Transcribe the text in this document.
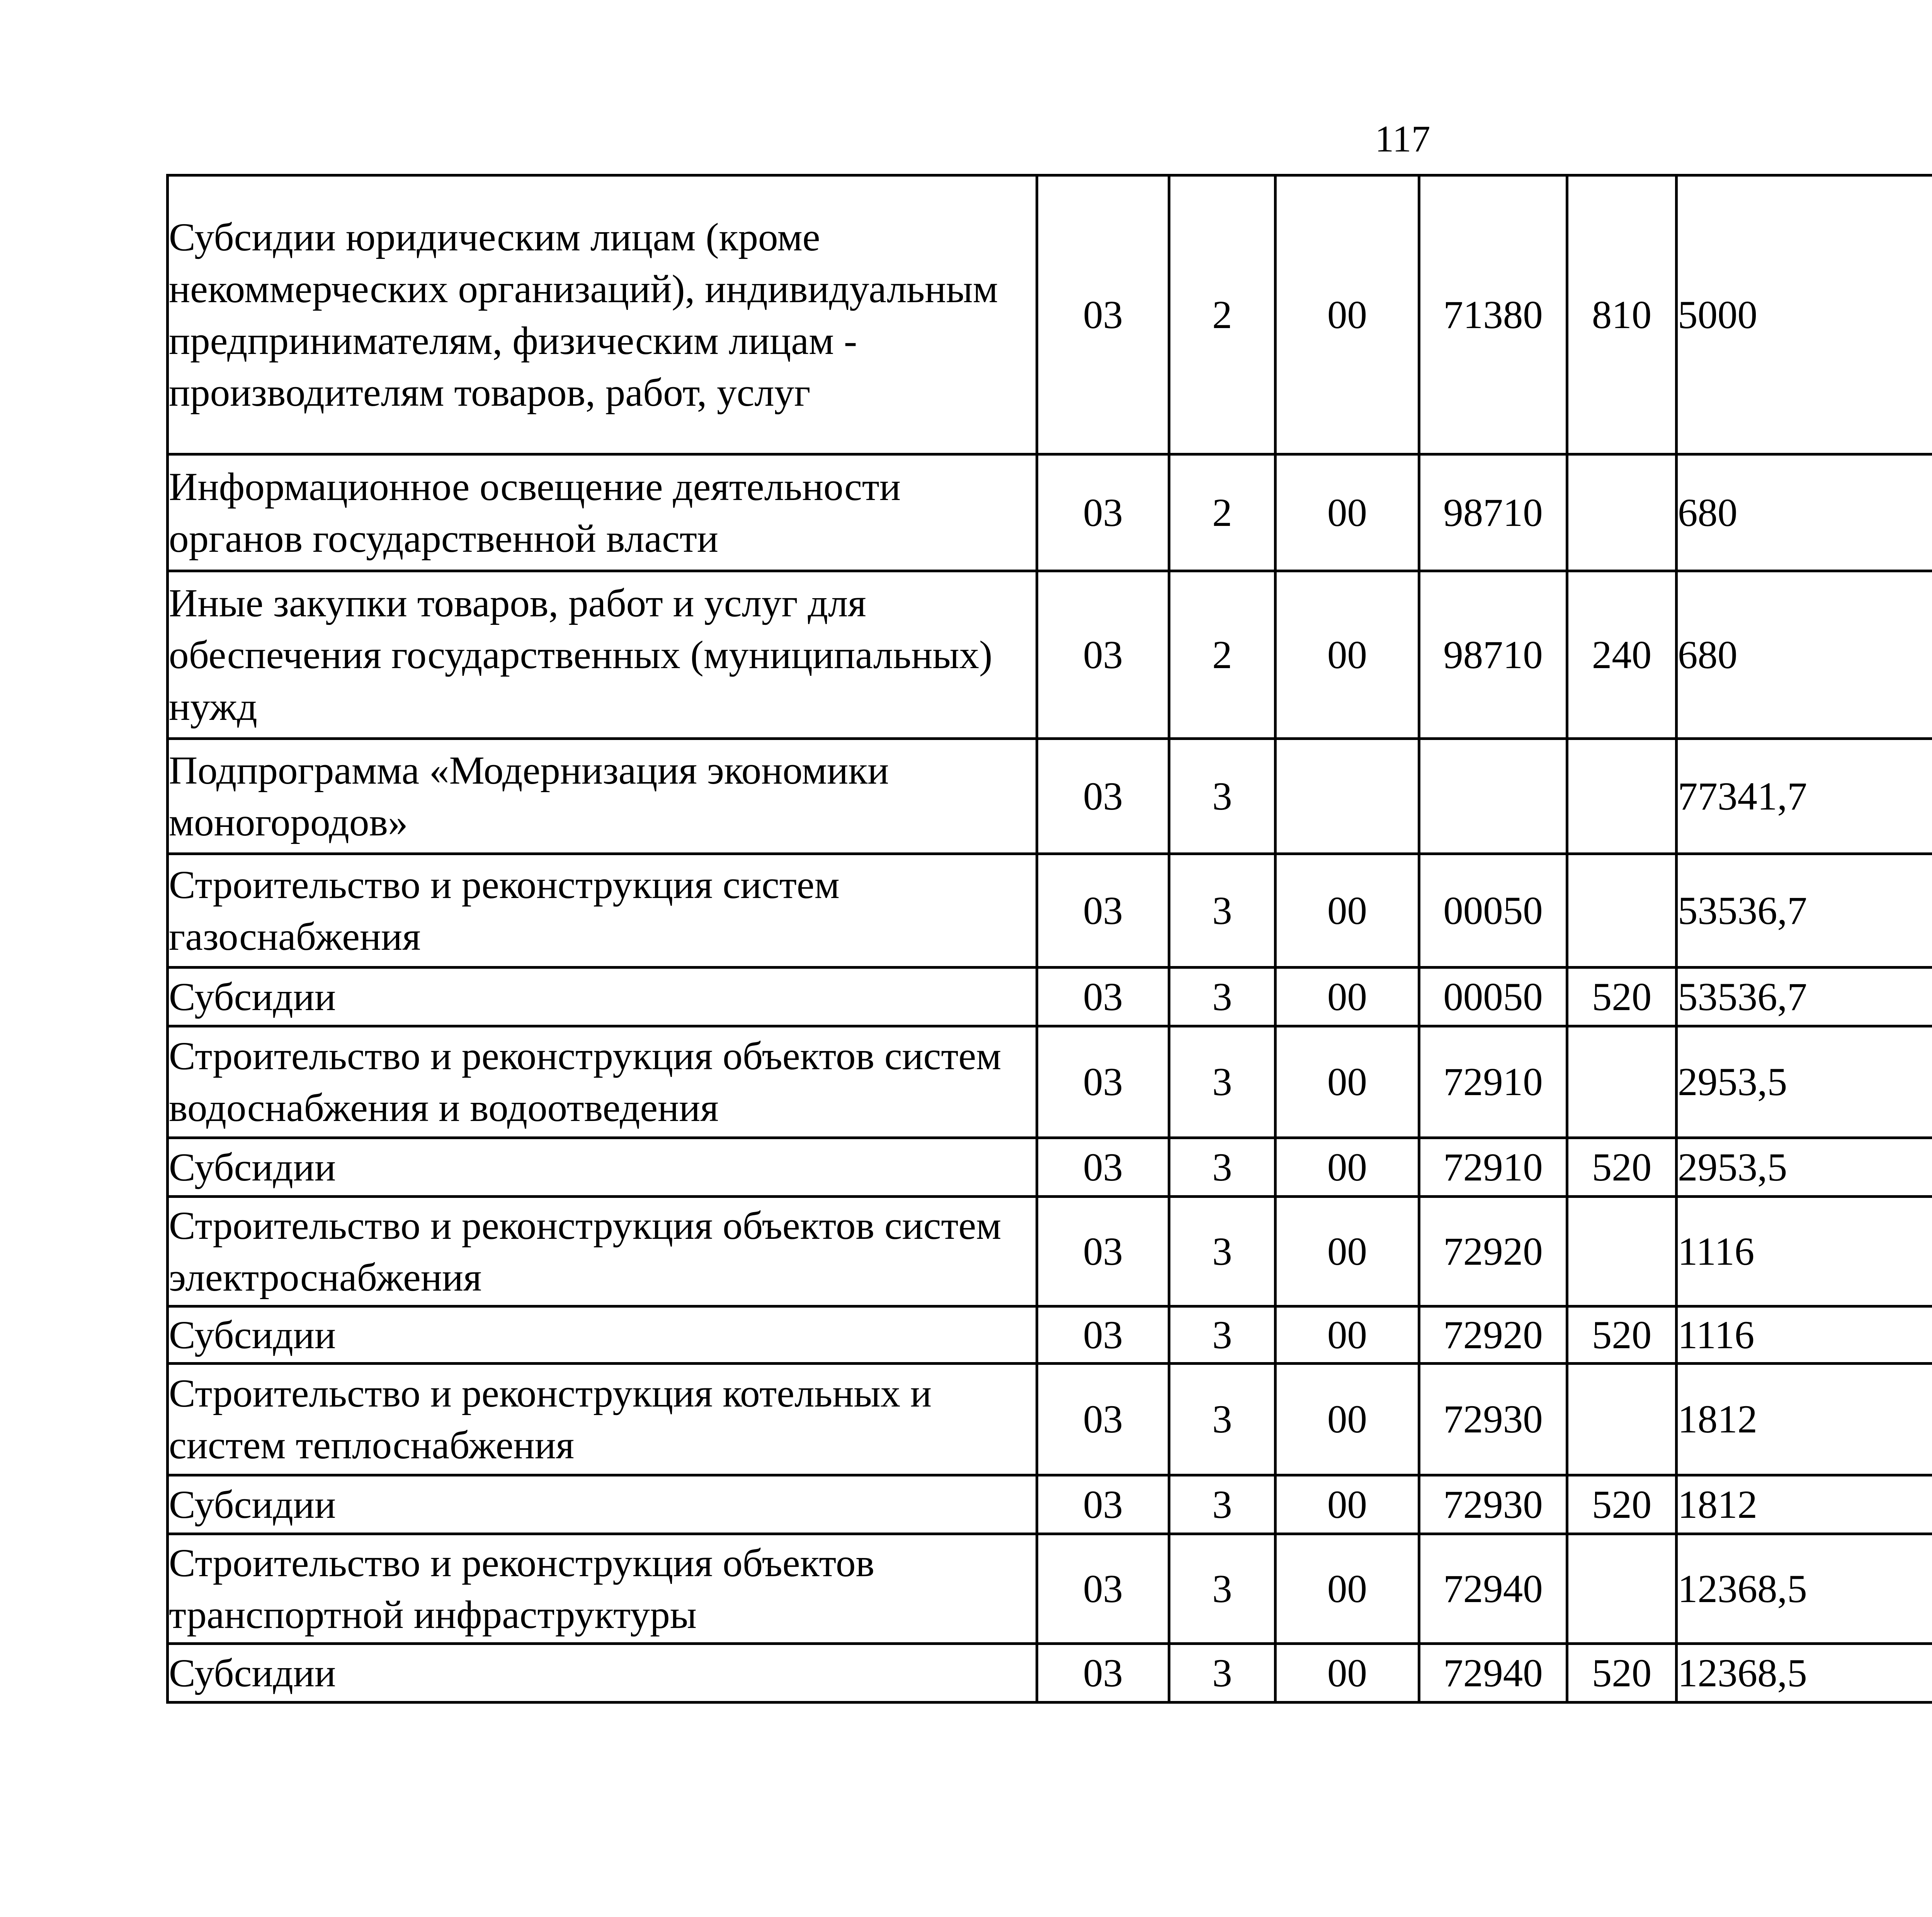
117
Субсидии юридическим лицам (кроме некоммерческих организаций), индивидуальным предпринимателям, физическим лицам - производителям товаров, работ, услуг	03	2	00	71380	810	5000		
Информационное освещение деятельности органов государственной власти	03	2	00	98710		680		
Иные закупки товаров, работ и услуг для обеспечения государственных (муниципальных) нужд	03	2	00	98710	240	680		
Подпрограмма «Модернизация экономики моногородов»	03	3				77341,7		
Строительство и реконструкция систем газоснабжения	03	3	00	00050		53536,7		
Субсидии	03	3	00	00050	520	53536,7		
Строительство и реконструкция объектов систем водоснабжения и водоотведения	03	3	00	72910		2953,5		
Субсидии	03	3	00	72910	520	2953,5		
Строительство и реконструкция объектов систем электроснабжения	03	3	00	72920		1116		
Субсидии	03	3	00	72920	520	1116		
Строительство и реконструкция котельных и систем теплоснабжения	03	3	00	72930		1812		
Субсидии	03	3	00	72930	520	1812		
Строительство и реконструкция объектов транспортной инфраструктуры	03	3	00	72940		12368,5		
Субсидии	03	3	00	72940	520	12368,5		
